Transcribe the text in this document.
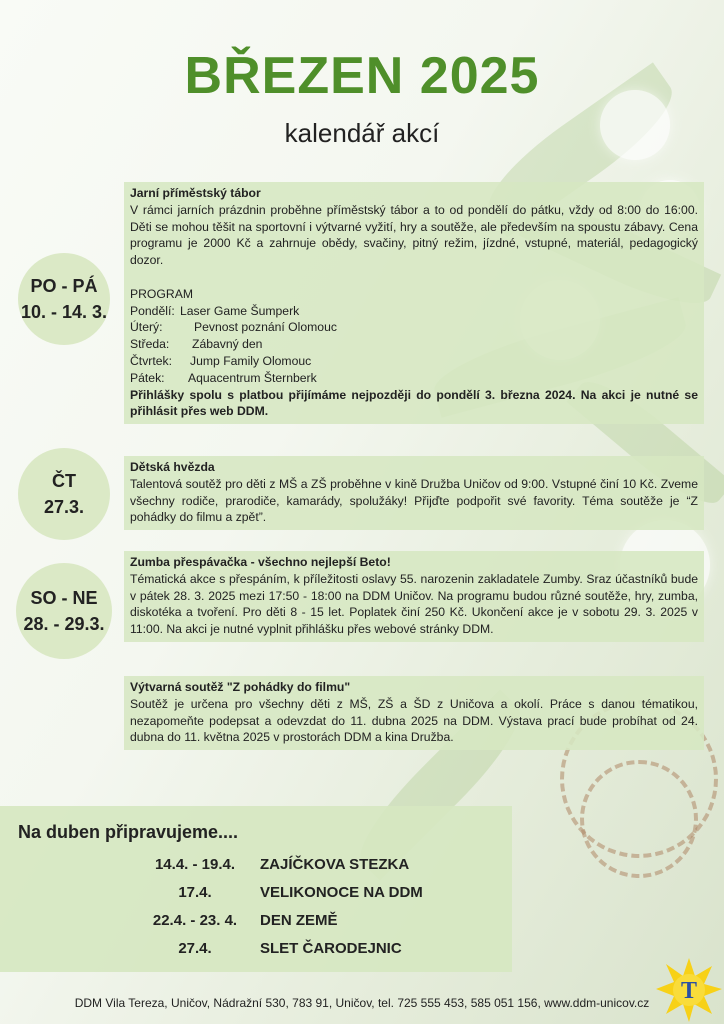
BŘEZEN 2025
kalendář akcí
PO - PÁ
10. - 14. 3.
Jarní příměstský tábor
V rámci jarních prázdnin proběhne příměstský tábor a to od pondělí do pátku, vždy od 8:00 do 16:00. Děti se mohou těšit na sportovní i výtvarné vyžití, hry a soutěže, ale především na spoustu zábavy. Cena programu je 2000 Kč a zahrnuje obědy, svačiny, pitný režim, jízdné, vstupné, materiál, pedagogický dozor.
PROGRAM
Pondělí: Laser Game Šumperk
Úterý:	Pevnost poznání Olomouc
Středa:	Zábavný den
Čtvrtek:	Jump Family Olomouc
Pátek:	Aquacentrum Šternberk
Přihlášky spolu s platbou přijímáme nejpozději do pondělí 3. března 2024. Na akci je nutné se přihlásit přes web DDM.
ČT
27.3.
Dětská hvězda
Talentová soutěž pro děti z MŠ a ZŠ proběhne v kině Družba Uničov od 9:00. Vstupné činí 10 Kč. Zveme všechny rodiče, prarodiče, kamarády, spolužáky! Přijďte podpořit své favority. Téma soutěže je “Z pohádky do filmu a zpět”.
SO - NE
28. - 29.3.
Zumba přespávačka - všechno nejlepší Beto!
Tématická akce s přespáním, k příležitosti oslavy 55. narozenin zakladatele Zumby. Sraz účastníků bude v pátek 28. 3. 2025 mezi 17:50 - 18:00 na DDM Uničov. Na programu budou různé soutěže, hry, zumba, diskotéka a tvoření. Pro děti 8 - 15 let. Poplatek činí 250 Kč. Ukončení akce je v sobotu 29. 3. 2025 v 11:00. Na akci je nutné vyplnit přihlášku přes webové stránky DDM.
Výtvarná soutěž "Z pohádky do filmu"
Soutěž je určena pro všechny děti z MŠ, ZŠ a ŠD z Uničova a okolí. Práce s danou tématikou, nezapomeňte podepsat a odevzdat do 11. dubna 2025 na DDM. Výstava prací bude probíhat od 24. dubna do 11. května 2025 v prostorách DDM a kina Družba.
Na duben připravujeme....
14.4. - 19.4.	ZAJÍČKOVA STEZKA
17.4.	VELIKONOCE NA DDM
22.4. - 23. 4.	DEN ZEMĚ
27.4.	SLET ČARODEJNIC
DDM Vila Tereza, Uničov, Nádražní 530, 783 91, Uničov, tel. 725 555 453, 585 051 156, www.ddm-unicov.cz	T
